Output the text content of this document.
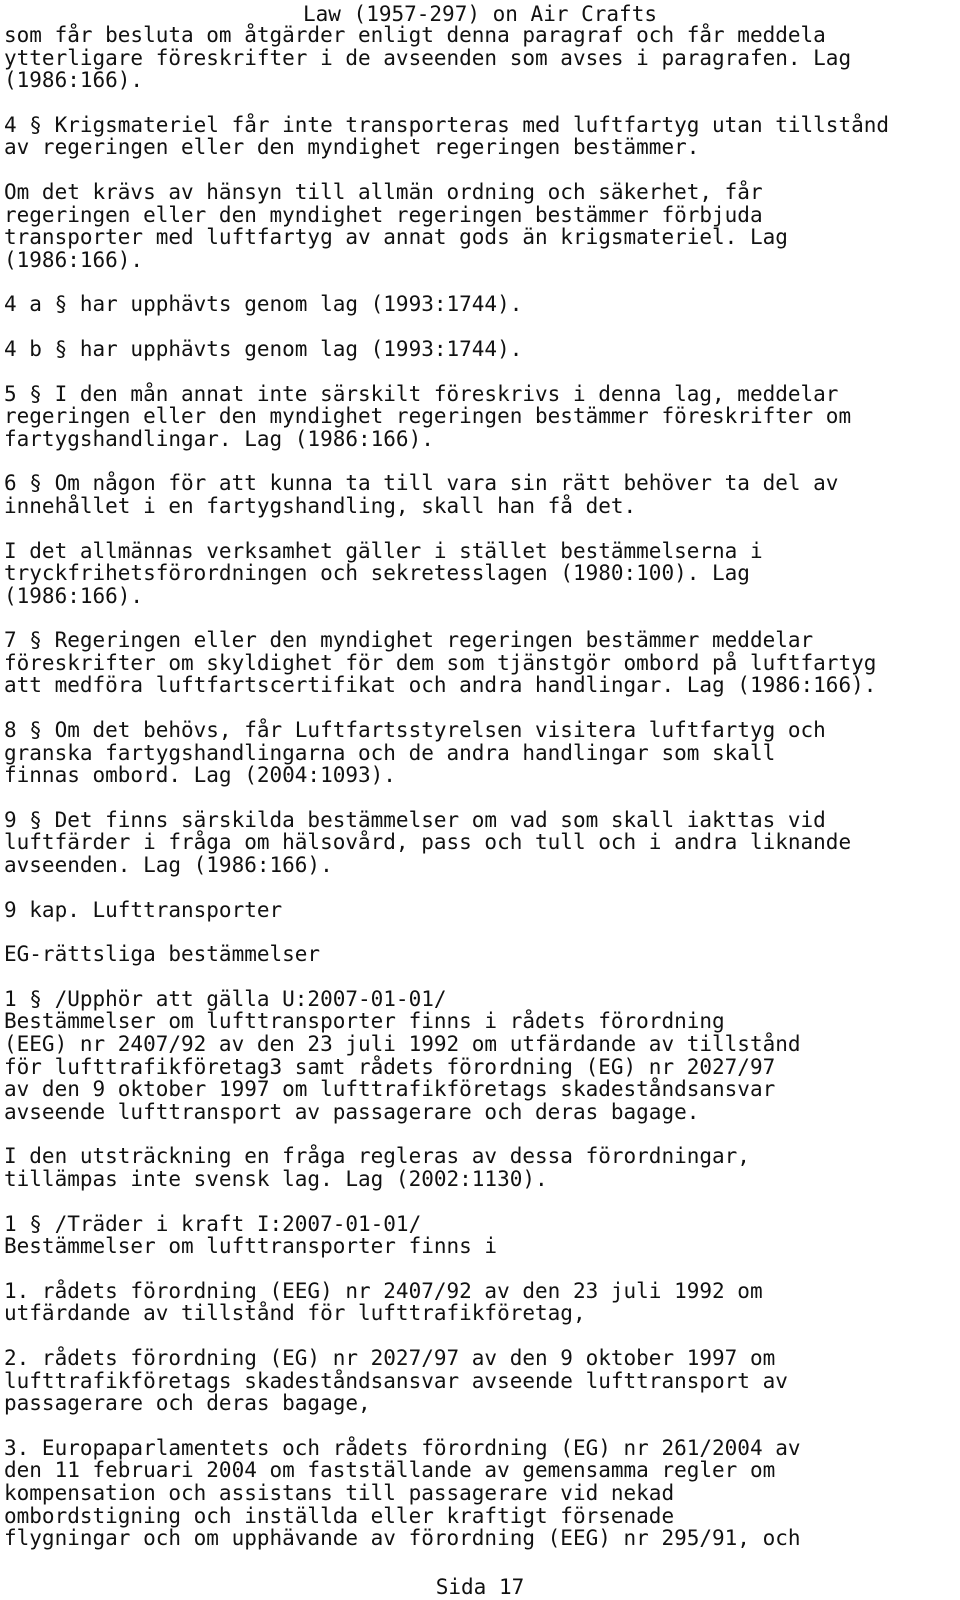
Law (1957-297) on Air Crafts
som får besluta om åtgärder enligt denna paragraf och får meddela
ytterligare föreskrifter i de avseenden som avses i paragrafen. Lag
(1986:166).
4 § Krigsmateriel får inte transporteras med luftfartyg utan tillstånd
av regeringen eller den myndighet regeringen bestämmer.
Om det krävs av hänsyn till allmän ordning och säkerhet, får
regeringen eller den myndighet regeringen bestämmer förbjuda
transporter med luftfartyg av annat gods än krigsmateriel. Lag
(1986:166).
4 a § har upphävts genom lag (1993:1744).
4 b § har upphävts genom lag (1993:1744).
5 § I den mån annat inte särskilt föreskrivs i denna lag, meddelar
regeringen eller den myndighet regeringen bestämmer föreskrifter om
fartygshandlingar. Lag (1986:166).
6 § Om någon för att kunna ta till vara sin rätt behöver ta del av
innehållet i en fartygshandling, skall han få det.
I det allmännas verksamhet gäller i stället bestämmelserna i
tryckfrihetsförordningen och sekretesslagen (1980:100). Lag
(1986:166).
7 § Regeringen eller den myndighet regeringen bestämmer meddelar
föreskrifter om skyldighet för dem som tjänstgör ombord på luftfartyg
att medföra luftfartscertifikat och andra handlingar. Lag (1986:166).
8 § Om det behövs, får Luftfartsstyrelsen visitera luftfartyg och
granska fartygshandlingarna och de andra handlingar som skall
finnas ombord. Lag (2004:1093).
9 § Det finns särskilda bestämmelser om vad som skall iakttas vid
luftfärder i fråga om hälsovård, pass och tull och i andra liknande
avseenden. Lag (1986:166).
9 kap. Lufttransporter
EG-rättsliga bestämmelser
1 § /Upphör att gälla U:2007-01-01/
Bestämmelser om lufttransporter finns i rådets förordning
(EEG) nr 2407/92 av den 23 juli 1992 om utfärdande av tillstånd
för lufttrafikföretag3 samt rådets förordning (EG) nr 2027/97
av den 9 oktober 1997 om lufttrafikföretags skadeståndsansvar
avseende lufttransport av passagerare och deras bagage.
I den utsträckning en fråga regleras av dessa förordningar,
tillämpas inte svensk lag. Lag (2002:1130).
1 § /Träder i kraft I:2007-01-01/
Bestämmelser om lufttransporter finns i
1. rådets förordning (EEG) nr 2407/92 av den 23 juli 1992 om
utfärdande av tillstånd för lufttrafikföretag,
2. rådets förordning (EG) nr 2027/97 av den 9 oktober 1997 om
lufttrafikföretags skadeståndsansvar avseende lufttransport av
passagerare och deras bagage,
3. Europaparlamentets och rådets förordning (EG) nr 261/2004 av
den 11 februari 2004 om fastställande av gemensamma regler om
kompensation och assistans till passagerare vid nekad
ombordstigning och inställda eller kraftigt försenade
flygningar och om upphävande av förordning (EEG) nr 295/91, och
Sida 17
